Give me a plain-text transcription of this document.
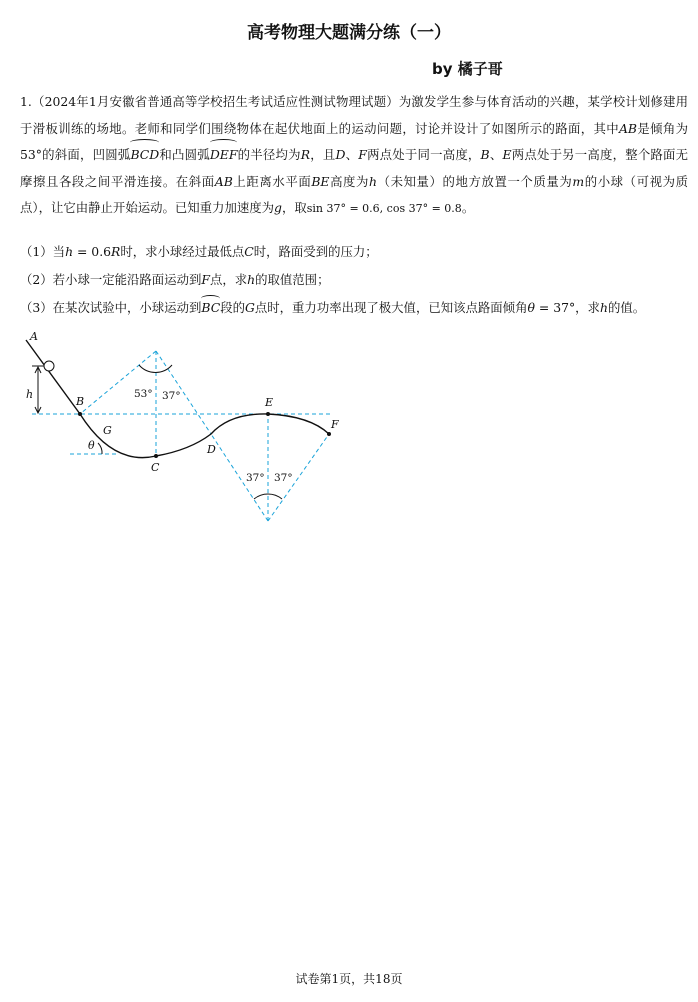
高考物理大题满分练（一）
by 橘子哥
1.（2024年1月安徽省普通高等学校招生考试适应性测试物理试题）为激发学生参与体育活动的兴趣，某学校计划修建用于滑板训练的场地。老师和同学们围绕物体在起伏地面上的运动问题，讨论并设计了如图所示的路面，其中AB是倾角为53°的斜面，凹圆弧BCD和凸圆弧DEF的半径均为R，且D、F两点处于同一高度，B、E两点处于另一高度，整个路面无摩擦且各段之间平滑连接。在斜面AB上距离水平面BE高度为h（未知量）的地方放置一个质量为m的小球（可视为质点），让它由静止开始运动。已知重力加速度为g，取sin 37° = 0.6, cos 37° = 0.8。
（1）当h = 0.6R时，求小球经过最低点C时，路面受到的压力；
（2）若小球一定能沿路面运动到F点，求h的取值范围；
（3）在某次试验中，小球运动到BC段的G点时，重力功率出现了极大值，已知该点路面倾角θ = 37°，求h的值。
A
B
G
C
D
E
F
h
θ
53° 37°
37° 37°
试卷第1页，共18页
